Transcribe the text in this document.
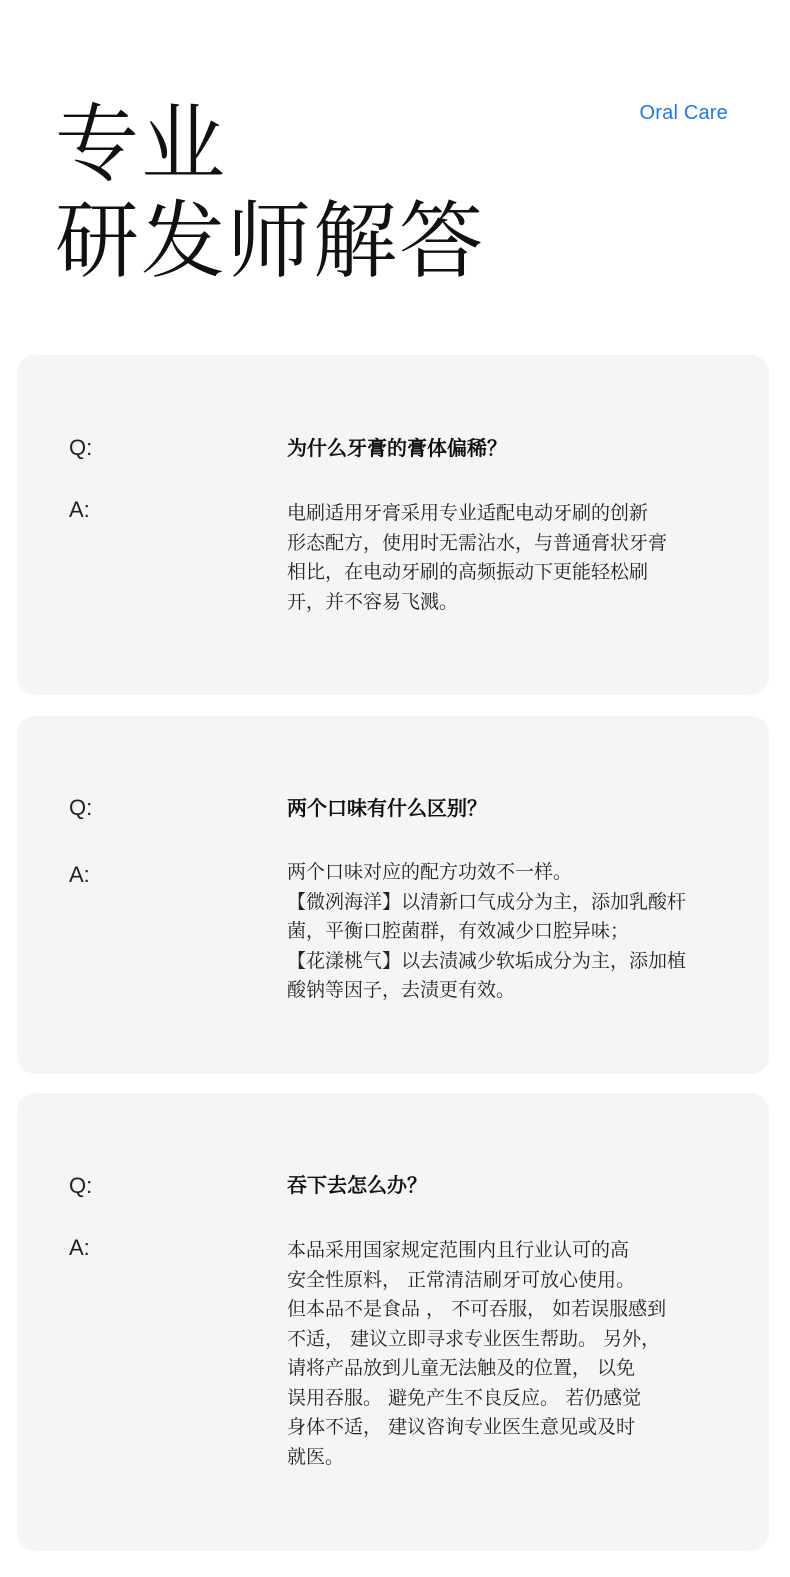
Oral Care
专业
研发师解答
Q:	为什么牙膏的膏体偏稀？
A:	电刷适用牙膏采用专业适配电动牙刷的创新
形态配方，使用时无需沾水，与普通膏状牙膏
相比，在电动牙刷的高频振动下更能轻松刷
开，并不容易飞溅。
Q:	两个口味有什么区别？
A:	两个口味对应的配方功效不一样。
【微冽海洋】以清新口气成分为主，添加乳酸杆
菌，平衡口腔菌群，有效减少口腔异味；
【花漾桃气】以去渍减少软垢成分为主，添加植
酸钠等因子，去渍更有效。
Q:	吞下去怎么办？
A:	本品采用国家规定范围内且行业认可的高
安全性原料， 正常清洁刷牙可放心使用。
但本品不是食品 ， 不可吞服， 如若误服感到
不适， 建议立即寻求专业医生帮助。 另外，
请将产品放到儿童无法触及的位置， 以免
误用吞服。 避免产生不良反应。 若仍感觉
身体不适， 建议咨询专业医生意见或及时
就医。
